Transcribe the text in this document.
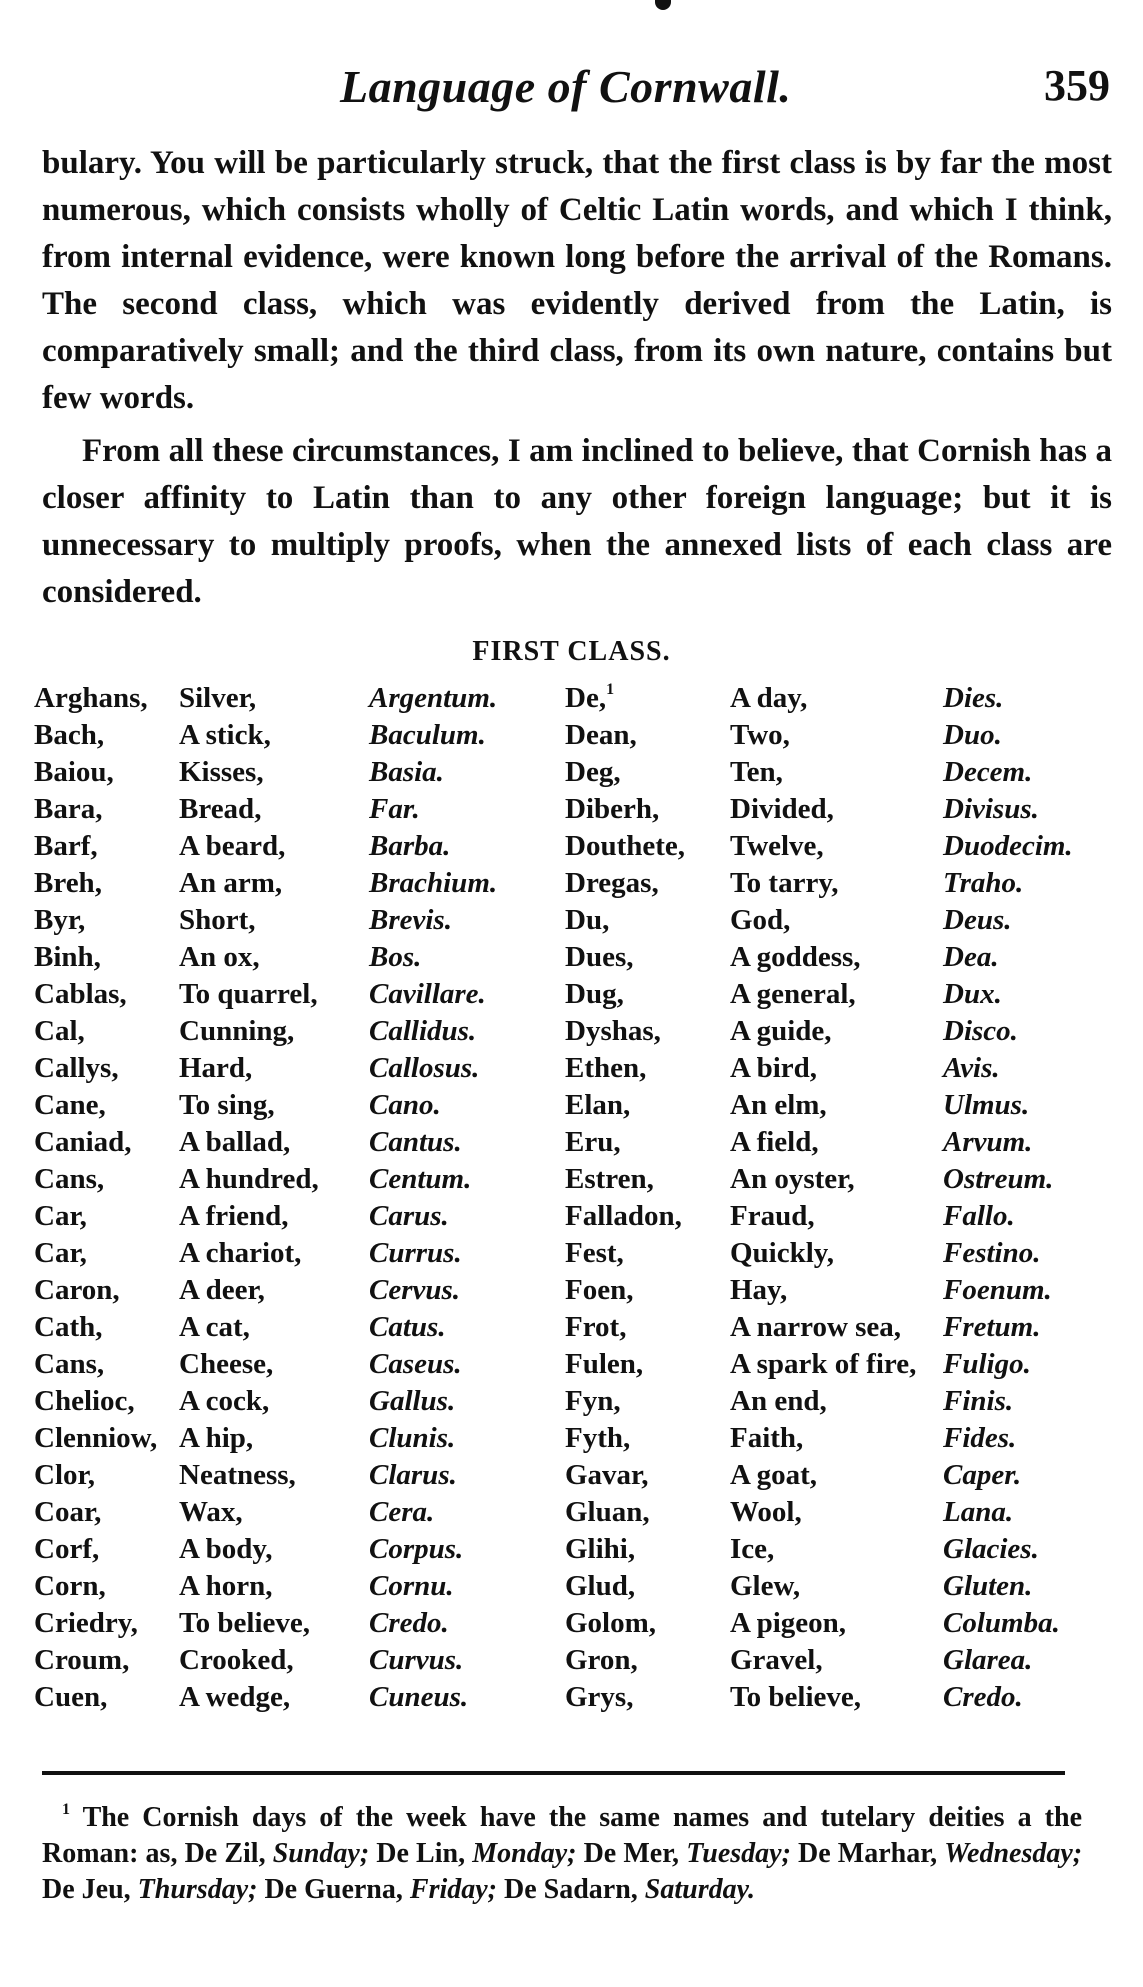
Language of Cornwall.	359

bulary. You will be particularly struck, that the first class is by far the most numerous, which consists wholly of Celtic Latin words, and which I think, from internal evidence, were known long before the arrival of the Romans. The second class, which was evidently derived from the Latin, is comparatively small; and the third class, from its own nature, contains but few words.

From all these circumstances, I am inclined to believe, that Cornish has a closer affinity to Latin than to any other foreign language; but it is unnecessary to multiply proofs, when the annexed lists of each class are considered.

FIRST CLASS.
Arghans,	Silver,	Argentum.	De,$^1$	A day,	Dies.
Bach,	A stick,	Baculum.	Dean,	Two,	Duo.
Baiou,	Kisses,	Basia.	Deg,	Ten,	Decem.
Bara,	Bread,	Far.	Diberh,	Divided,	Divisus.
Barf,	A beard,	Barba.	Douthete,	Twelve,	Duodecim.
Breh,	An arm,	Brachium.	Dregas,	To tarry,	Traho.
Byr,	Short,	Brevis.	Du,	God,	Deus.
Binh,	An ox,	Bos.	Dues,	A goddess,	Dea.
Cablas,	To quarrel,	Cavillare.	Dug,	A general,	Dux.
Cal,	Cunning,	Callidus.	Dyshas,	A guide,	Disco.
Callys,	Hard,	Callosus.	Ethen,	A bird,	Avis.
Cane,	To sing,	Cano.	Elan,	An elm,	Ulmus.
Caniad,	A ballad,	Cantus.	Eru,	A field,	Arvum.
Cans,	A hundred,	Centum.	Estren,	An oyster,	Ostreum.
Car,	A friend,	Carus.	Falladon,	Fraud,	Fallo.
Car,	A chariot,	Currus.	Fest,	Quickly,	Festino.
Caron,	A deer,	Cervus.	Foen,	Hay,	Foenum.
Cath,	A cat,	Catus.	Frot,	A narrow sea,	Fretum.
Cans,	Cheese,	Caseus.	Fulen,	A spark of fire,	Fuligo.
Chelioc,	A cock,	Gallus.	Fyn,	An end,	Finis.
Clenniow,	A hip,	Clunis.	Fyth,	Faith,	Fides.
Clor,	Neatness,	Clarus.	Gavar,	A goat,	Caper.
Coar,	Wax,	Cera.	Gluan,	Wool,	Lana.
Corf,	A body,	Corpus.	Glihi,	Ice,	Glacies.
Corn,	A horn,	Cornu.	Glud,	Glew,	Gluten.
Criedry,	To believe,	Credo.	Golom,	A pigeon,	Columba.
Croum,	Crooked,	Curvus.	Gron,	Gravel,	Glarea.
Cuen,	A wedge,	Cuneus.	Grys,	To believe,	Credo.

$^1$ The Cornish days of the week have the same names and tutelary deities a the Roman: as, De Zil, Sunday; De Lin, Monday; De Mer, Tuesday; De Marhar, Wednesday; De Jeu, Thursday; De Guerna, Friday; De Sadarn, Saturday.
